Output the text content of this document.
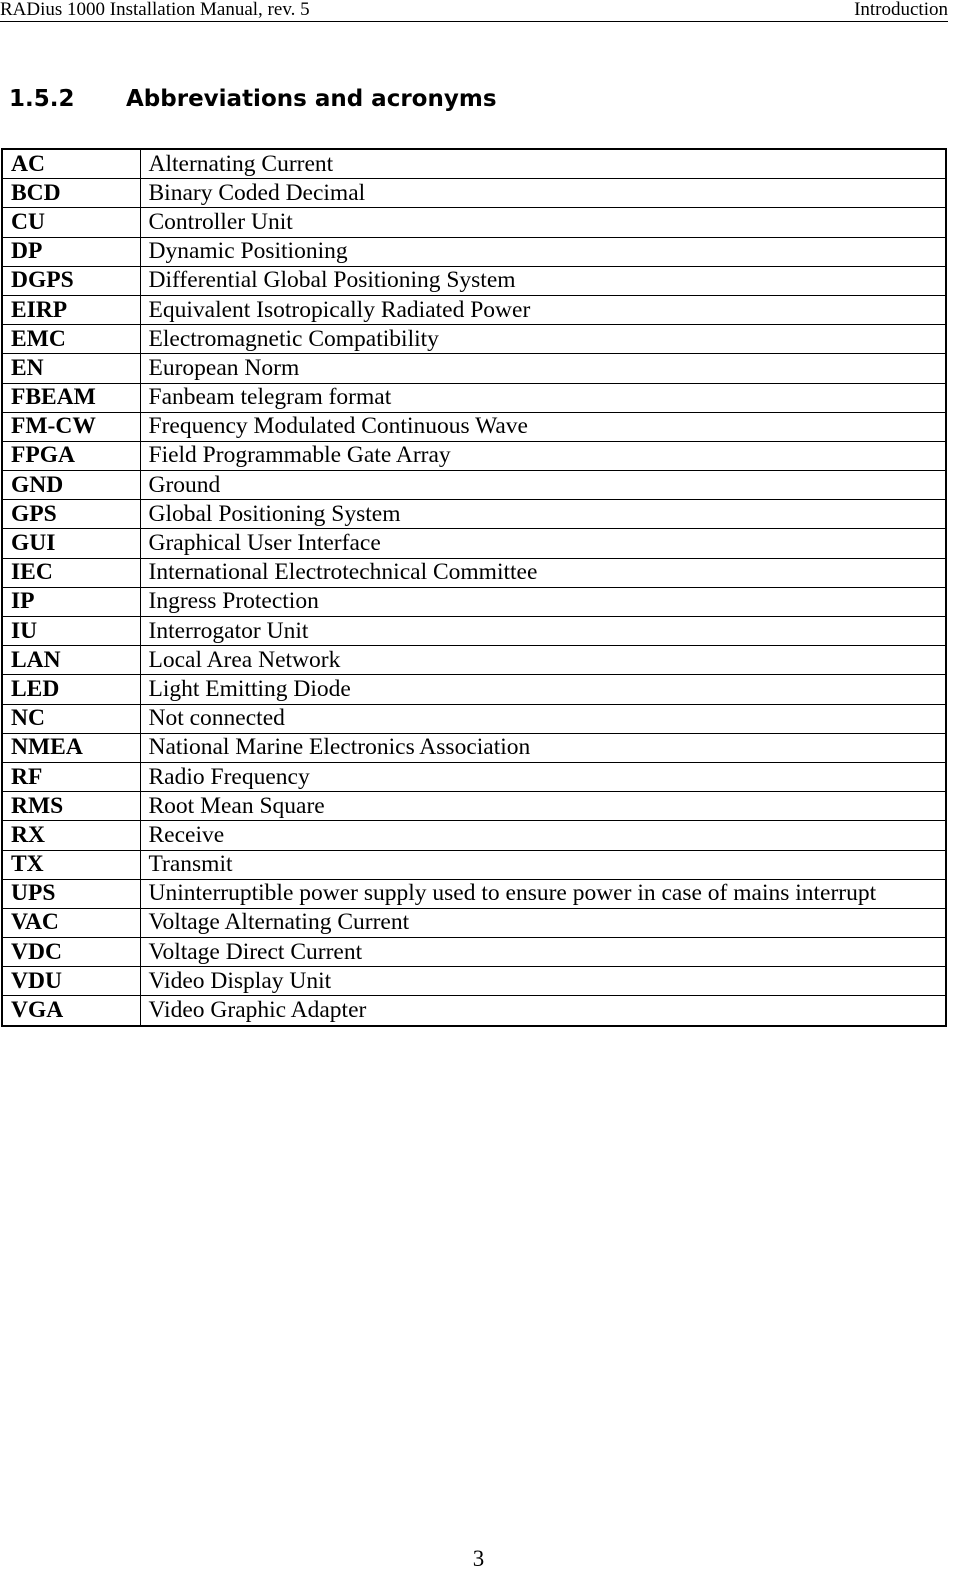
RADius 1000 Installation Manual, rev. 5	Introduction
1.5.2 Abbreviations and acronyms
AC	Alternating Current
BCD	Binary Coded Decimal
CU	Controller Unit
DP	Dynamic Positioning
DGPS	Differential Global Positioning System
EIRP	Equivalent Isotropically Radiated Power
EMC	Electromagnetic Compatibility
EN	European Norm
FBEAM	Fanbeam telegram format
FM-CW	Frequency Modulated Continuous Wave
FPGA	Field Programmable Gate Array
GND	Ground
GPS	Global Positioning System
GUI	Graphical User Interface
IEC	International Electrotechnical Committee
IP	Ingress Protection
IU	Interrogator Unit
LAN	Local Area Network
LED	Light Emitting Diode
NC	Not connected
NMEA	National Marine Electronics Association
RF	Radio Frequency
RMS	Root Mean Square
RX	Receive
TX	Transmit
UPS	Uninterruptible power supply used to ensure power in case of mains interrupt
VAC	Voltage Alternating Current
VDC	Voltage Direct Current
VDU	Video Display Unit
VGA	Video Graphic Adapter
3
